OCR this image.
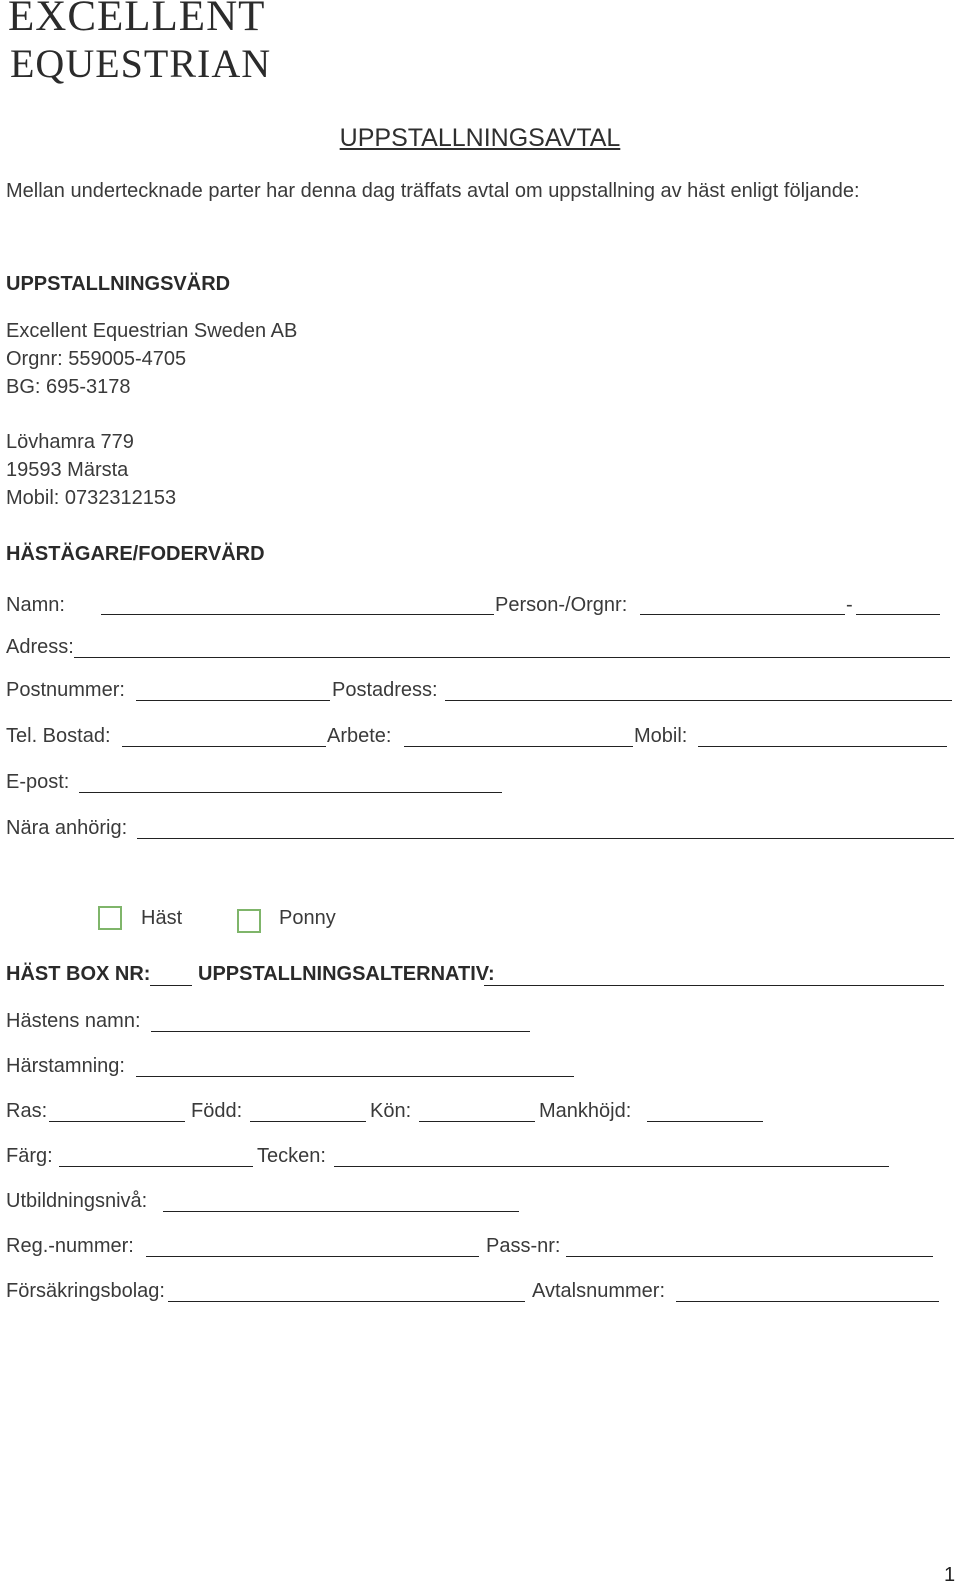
EXCELLENT
EQUESTRIAN
UPPSTALLNINGSAVTAL
Mellan undertecknade parter har denna dag träffats avtal om uppstallning av häst enligt följande:
UPPSTALLNINGSVÄRD
Excellent Equestrian Sweden AB
Orgnr: 559005-4705
BG: 695-3178
Lövhamra 779
19593 Märsta
Mobil: 0732312153
HÄSTÄGARE/FODERVÄRD
Namn:	Person-/Orgnr:	-
Adress:
Postnummer:	Postadress:
Tel. Bostad:	Arbete:	Mobil:
E-post:
Nära anhörig:
Häst	Ponny
HÄST BOX NR: UPPSTALLNINGSALTERNATIV:
Hästens namn:
Härstamning:
Ras:	Född:	Kön:	Mankhöjd:
Färg:	Tecken:
Utbildningsnivå:
Reg.-nummer:	Pass-nr:
Försäkringsbolag:	Avtalsnummer:
1
